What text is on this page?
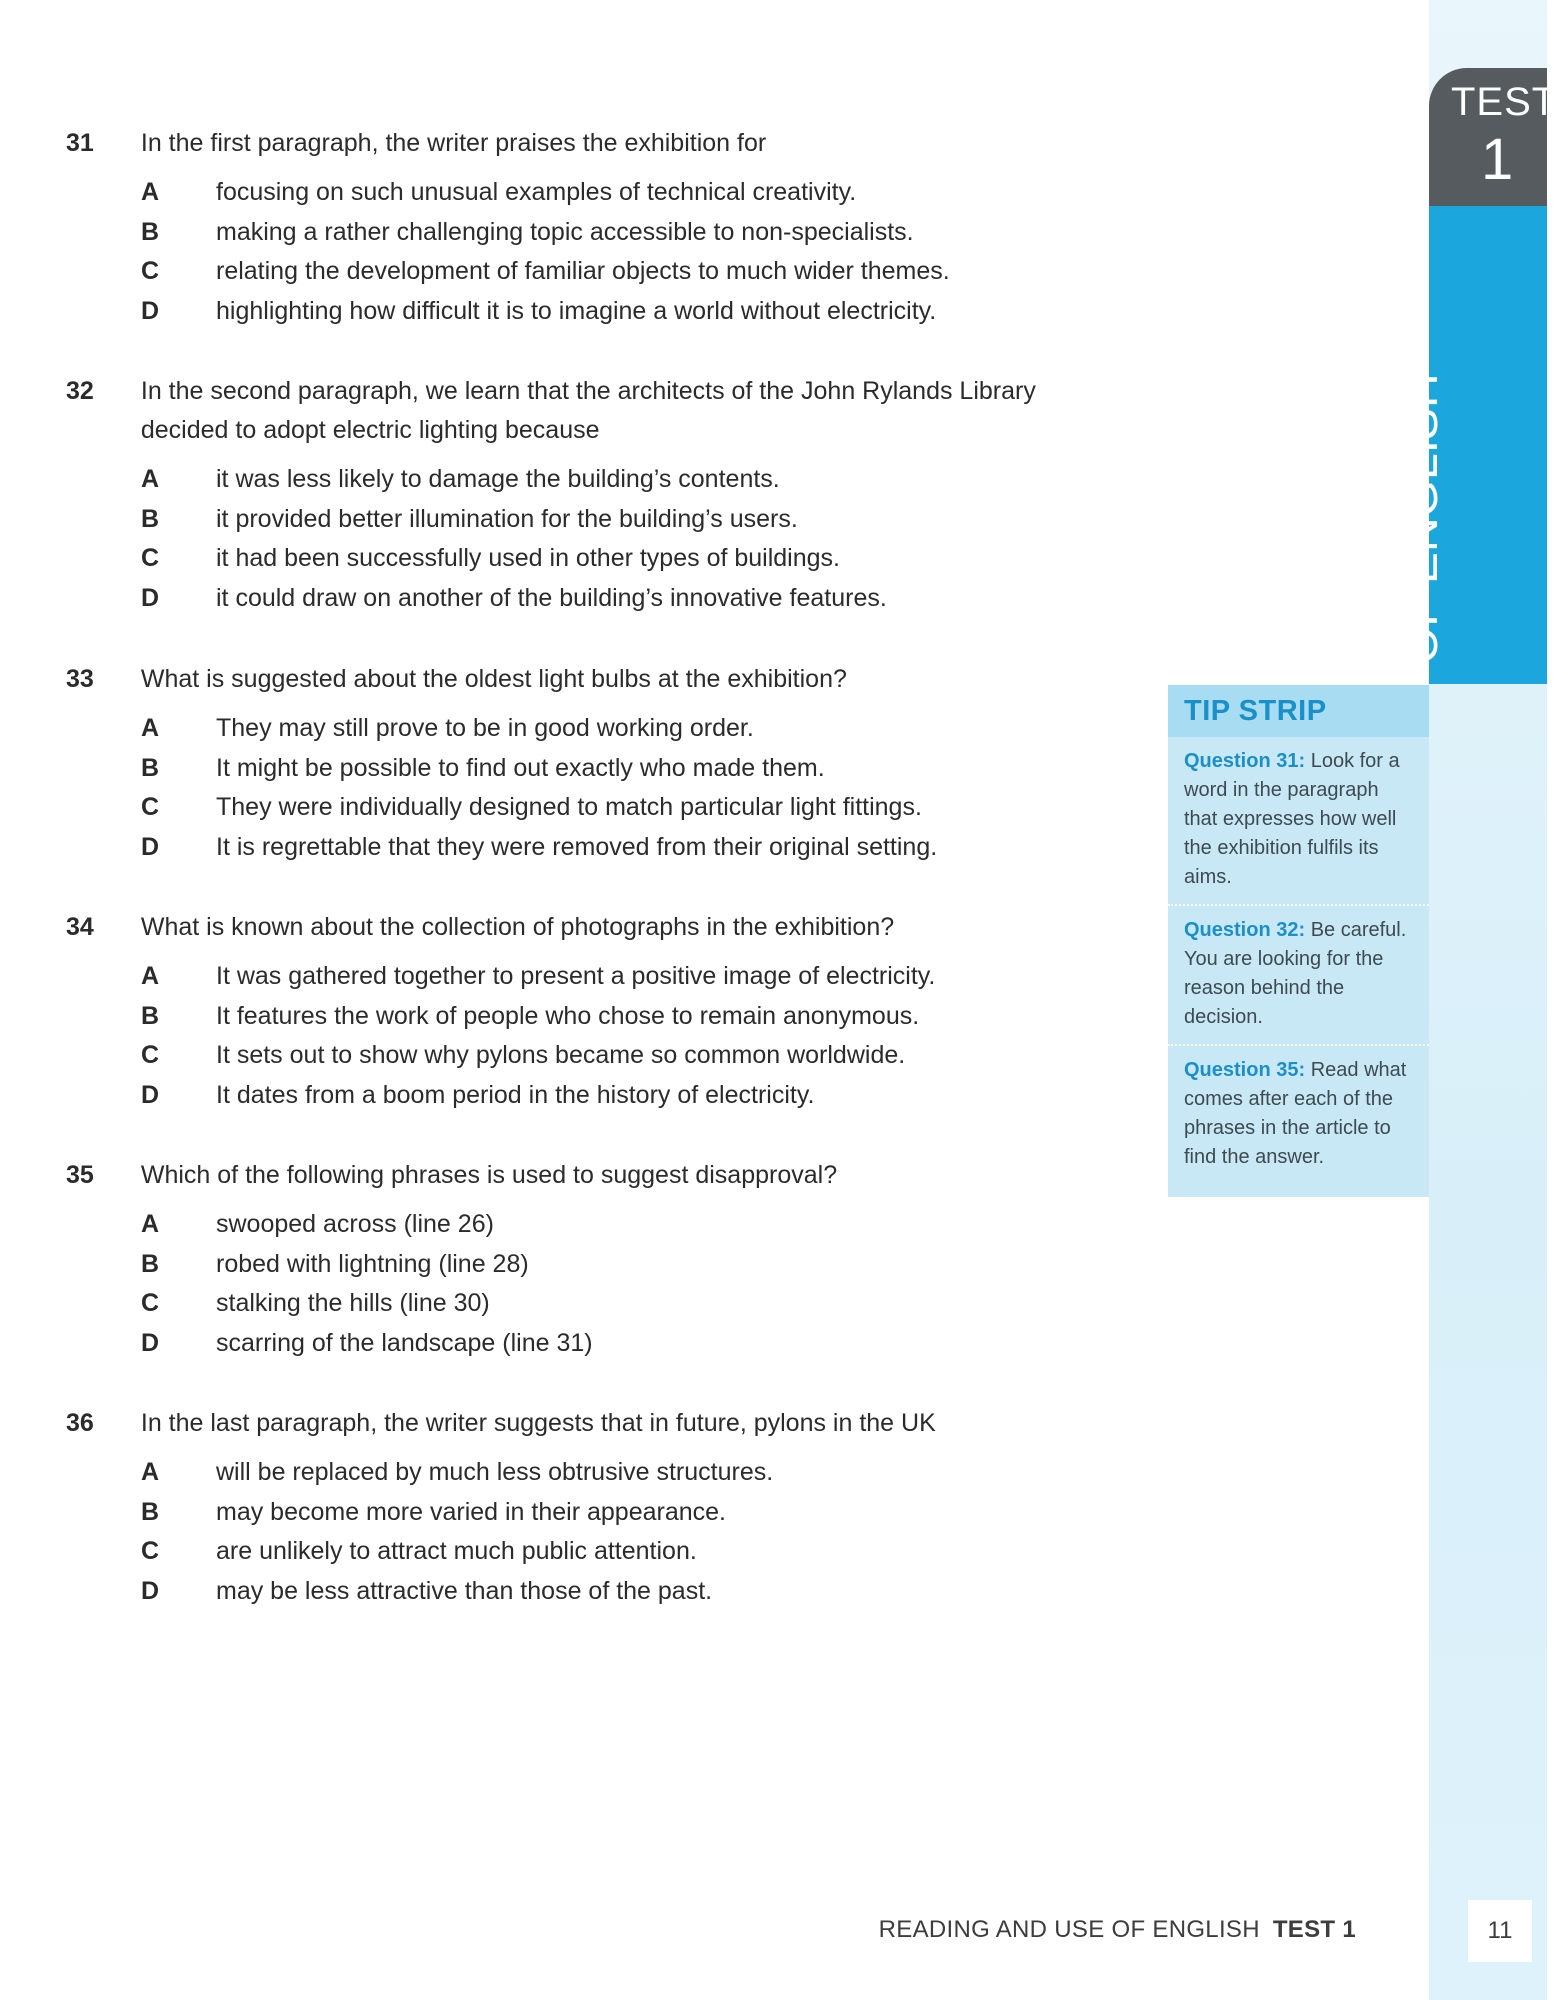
TEST
1
READING AND USE
OF ENGLISH
31	In the first paragraph, the writer praises the exhibition for
A	focusing on such unusual examples of technical creativity.
B	making a rather challenging topic accessible to non-specialists.
C	relating the development of familiar objects to much wider themes.
D	highlighting how difficult it is to imagine a world without electricity.
32	In the second paragraph, we learn that the architects of the John Rylands Library decided to adopt electric lighting because
A	it was less likely to damage the building’s contents.
B	it provided better illumination for the building’s users.
C	it had been successfully used in other types of buildings.
D	it could draw on another of the building’s innovative features.
33	What is suggested about the oldest light bulbs at the exhibition?
A	They may still prove to be in good working order.
B	It might be possible to find out exactly who made them.
C	They were individually designed to match particular light fittings.
D	It is regrettable that they were removed from their original setting.
34	What is known about the collection of photographs in the exhibition?
A	It was gathered together to present a positive image of electricity.
B	It features the work of people who chose to remain anonymous.
C	It sets out to show why pylons became so common worldwide.
D	It dates from a boom period in the history of electricity.
35	Which of the following phrases is used to suggest disapproval?
A	swooped across (line 26)
B	robed with lightning (line 28)
C	stalking the hills (line 30)
D	scarring of the landscape (line 31)
36	In the last paragraph, the writer suggests that in future, pylons in the UK
A	will be replaced by much less obtrusive structures.
B	may become more varied in their appearance.
C	are unlikely to attract much public attention.
D	may be less attractive than those of the past.
TIP STRIP
Question 31: Look for a word in the paragraph that expresses how well the exhibition fulfils its aims.
Question 32: Be careful. You are looking for the reason behind the decision.
Question 35: Read what comes after each of the phrases in the article to find the answer.
READING AND USE OF ENGLISH TEST 1	11
